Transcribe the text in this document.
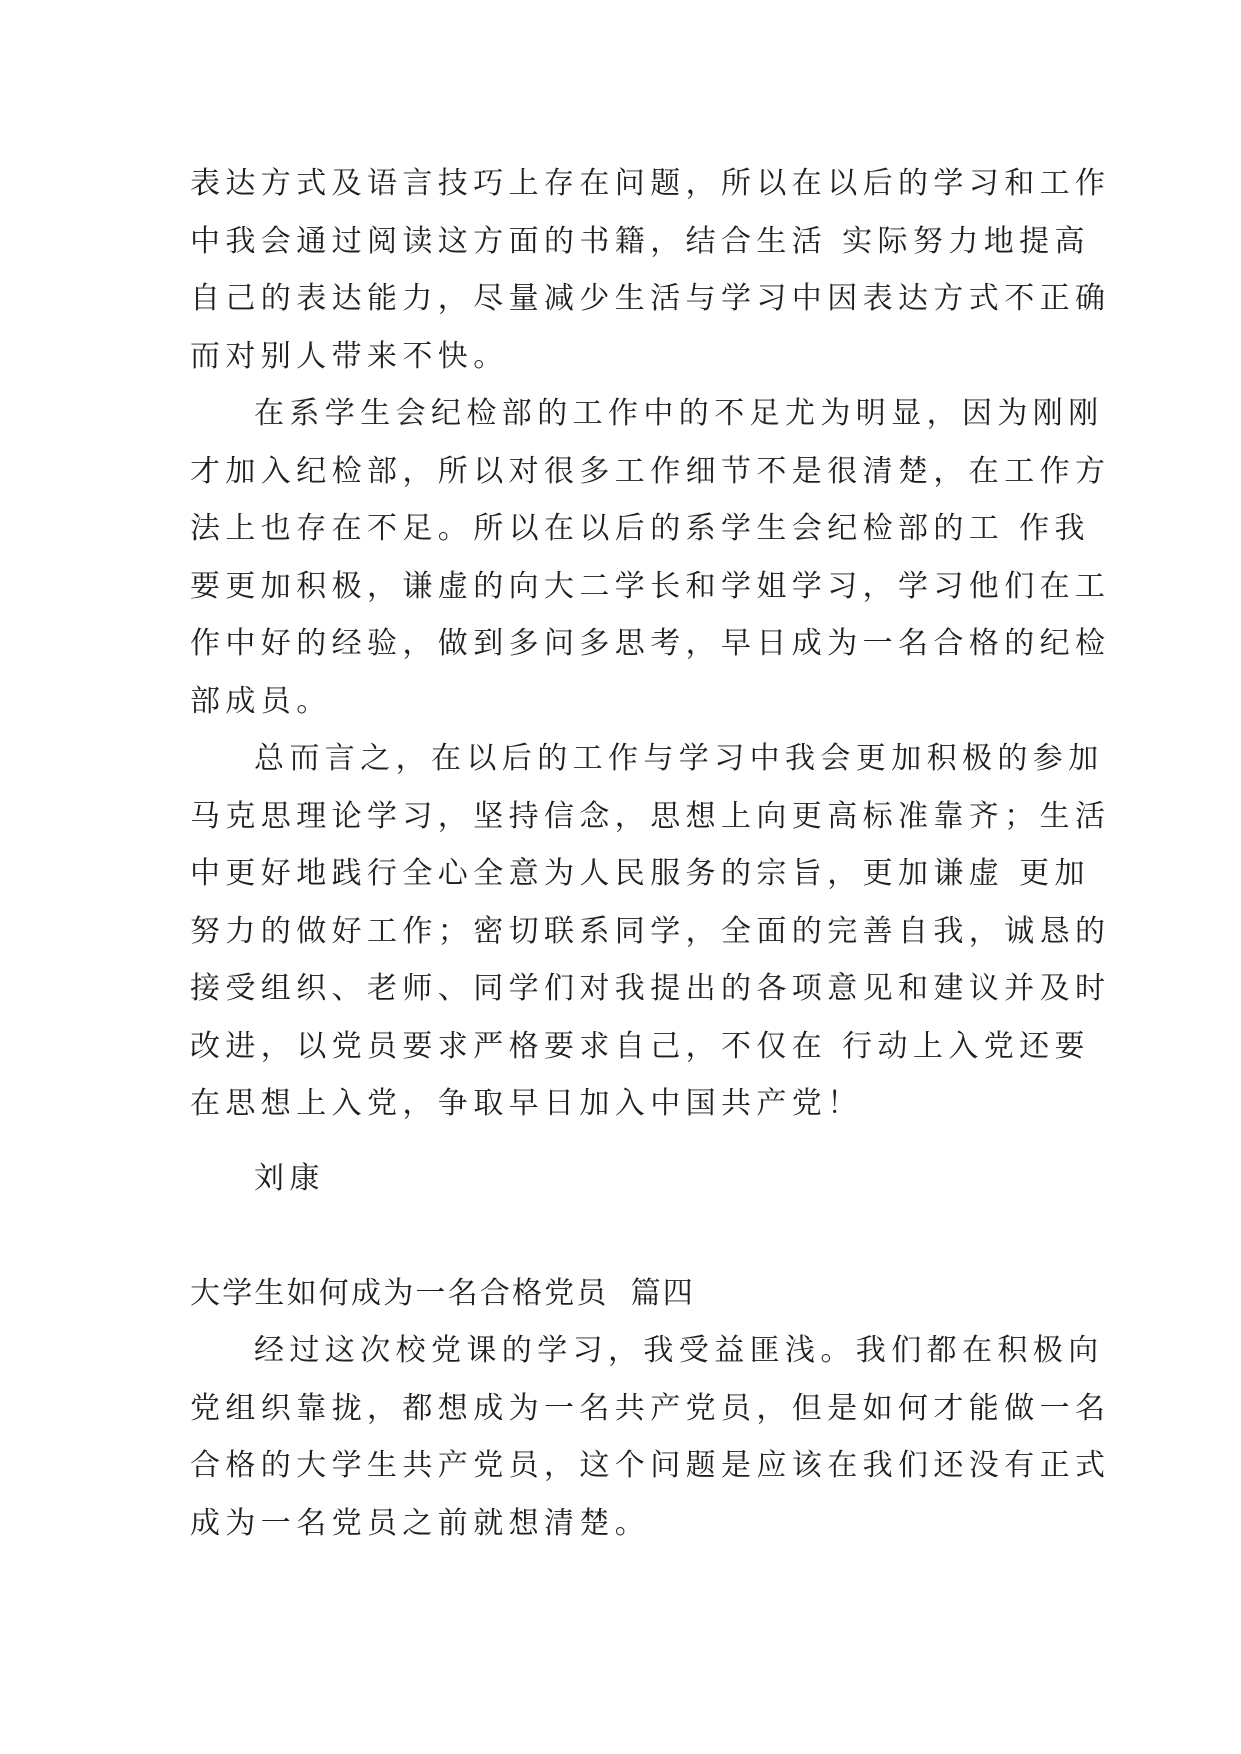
表达方式及语言技巧上存在问题，所以在以后的学习和工作
中我会通过阅读这方面的书籍，结合生活 实际努力地提高
自己的表达能力，尽量减少生活与学习中因表达方式不正确
而对别人带来不快。
在系学生会纪检部的工作中的不足尤为明显，因为刚刚
才加入纪检部，所以对很多工作细节不是很清楚，在工作方
法上也存在不足。所以在以后的系学生会纪检部的工 作我
要更加积极，谦虚的向大二学长和学姐学习，学习他们在工
作中好的经验，做到多问多思考，早日成为一名合格的纪检
部成员。
总而言之，在以后的工作与学习中我会更加积极的参加
马克思理论学习，坚持信念，思想上向更高标准靠齐；生活
中更好地践行全心全意为人民服务的宗旨，更加谦虚 更加
努力的做好工作；密切联系同学，全面的完善自我，诚恳的
接受组织、老师、同学们对我提出的各项意见和建议并及时
改进，以党员要求严格要求自己，不仅在 行动上入党还要
在思想上入党，争取早日加入中国共产党！
刘康
大学生如何成为一名合格党员 篇四
经过这次校党课的学习，我受益匪浅。我们都在积极向
党组织靠拢，都想成为一名共产党员，但是如何才能做一名
合格的大学生共产党员，这个问题是应该在我们还没有正式
成为一名党员之前就想清楚。
